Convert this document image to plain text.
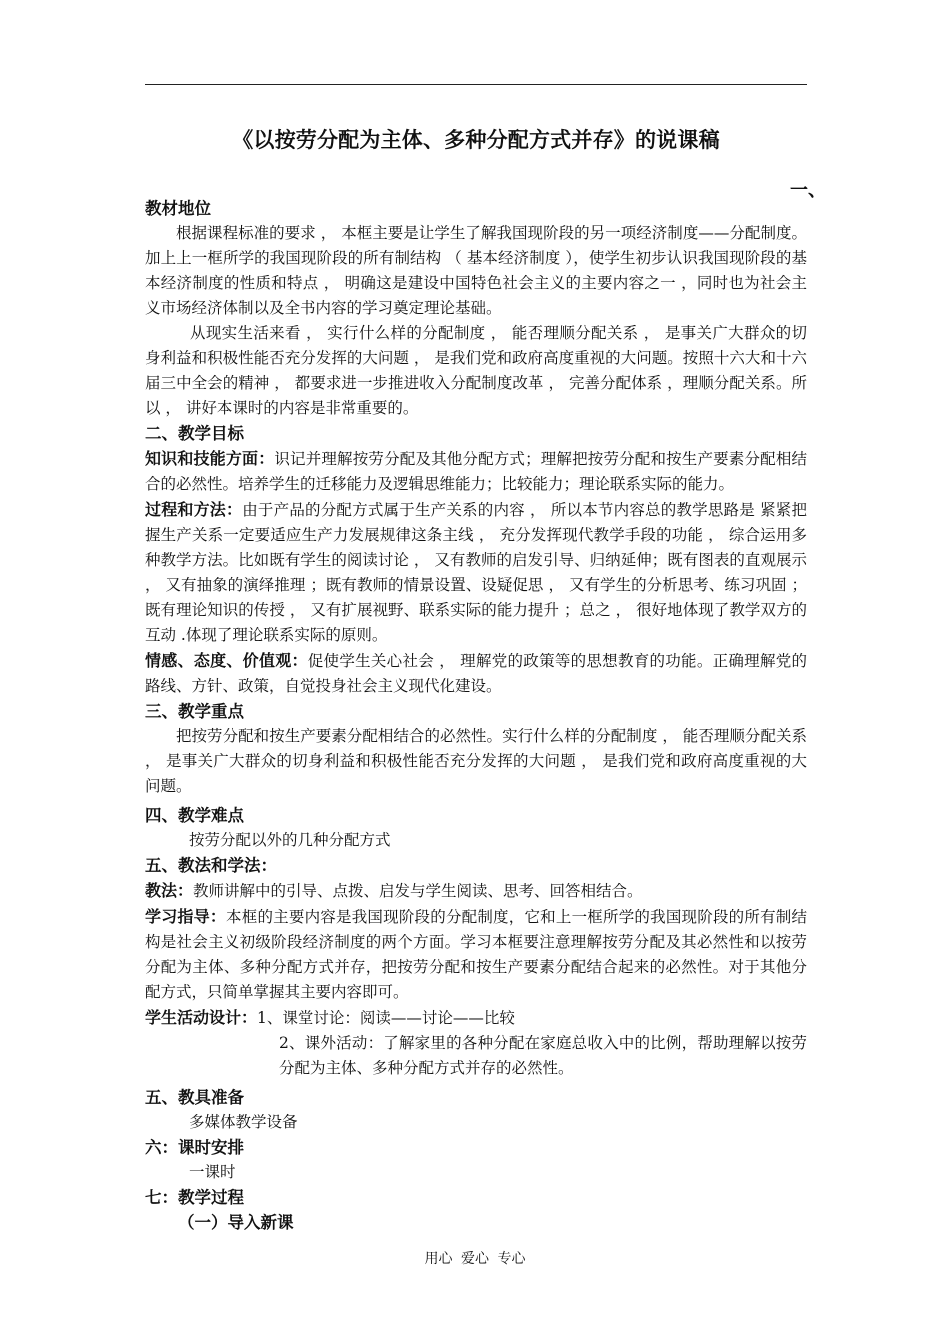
《以按劳分配为主体、多种分配方式并存》的说课稿
一、
教材地位

根据课程标准的要求 ， 本框主要是让学生了解我国现阶段的另一项经济制度——分配制度。加上上一框所学的我国现阶段的所有制结构 （ 基本经济制度 ），使学生初步认识我国现阶段的基本经济制度的性质和特点 ， 明确这是建设中国特色社会主义的主要内容之一 ，同时也为社会主义市场经济体制以及全书内容的学习奠定理论基础。

从现实生活来看 ， 实行什么样的分配制度 ， 能否理顺分配关系 ， 是事关广大群众的切身利益和积极性能否充分发挥的大问题 ， 是我们党和政府高度重视的大问题。按照十六大和十六届三中全会的精神 ， 都要求进一步推进收入分配制度改革 ， 完善分配体系 ，理顺分配关系。所以 ， 讲好本课时的内容是非常重要的。

二、教学目标

知识和技能方面：识记并理解按劳分配及其他分配方式；理解把按劳分配和按生产要素分配相结合的必然性。培养学生的迁移能力及逻辑思维能力；比较能力；理论联系实际的能力。

过程和方法：由于产品的分配方式属于生产关系的内容 ， 所以本节内容总的教学思路是 紧紧把握生产关系一定要适应生产力发展规律这条主线 ， 充分发挥现代教学手段的功能 ， 综合运用多种教学方法。比如既有学生的阅读讨论 ， 又有教师的启发引导、归纳延伸；既有图表的直观展示 ， 又有抽象的演绎推理 ；既有教师的情景设置、设疑促思 ， 又有学生的分析思考、练习巩固 ；既有理论知识的传授 ， 又有扩展视野、联系实际的能力提升 ；总之 ， 很好地体现了教学双方的互动 .体现了理论联系实际的原则。

情感、态度、价值观：促使学生关心社会 ， 理解党的政策等的思想教育的功能。正确理解党的路线、方针、政策，自觉投身社会主义现代化建设。

三、教学重点

把按劳分配和按生产要素分配相结合的必然性。实行什么样的分配制度 ， 能否理顺分配关系 ， 是事关广大群众的切身利益和积极性能否充分发挥的大问题 ， 是我们党和政府高度重视的大问题。

四、教学难点

按劳分配以外的几种分配方式

五、教法和学法：

教法：教师讲解中的引导、点拨、启发与学生阅读、思考、回答相结合。

学习指导：本框的主要内容是我国现阶段的分配制度，它和上一框所学的我国现阶段的所有制结构是社会主义初级阶段经济制度的两个方面。学习本框要注意理解按劳分配及其必然性和以按劳分配为主体、多种分配方式并存，把按劳分配和按生产要素分配结合起来的必然性。对于其他分配方式，只简单掌握其主要内容即可。

学生活动设计：1、课堂讨论：阅读——讨论——比较

2、课外活动：了解家里的各种分配在家庭总收入中的比例，帮助理解以按劳分配为主体、多种分配方式并存的必然性。

五、教具准备

多媒体教学设备

六：课时安排

一课时

七：教学过程
（一）导入新课
用心 爱心 专心
